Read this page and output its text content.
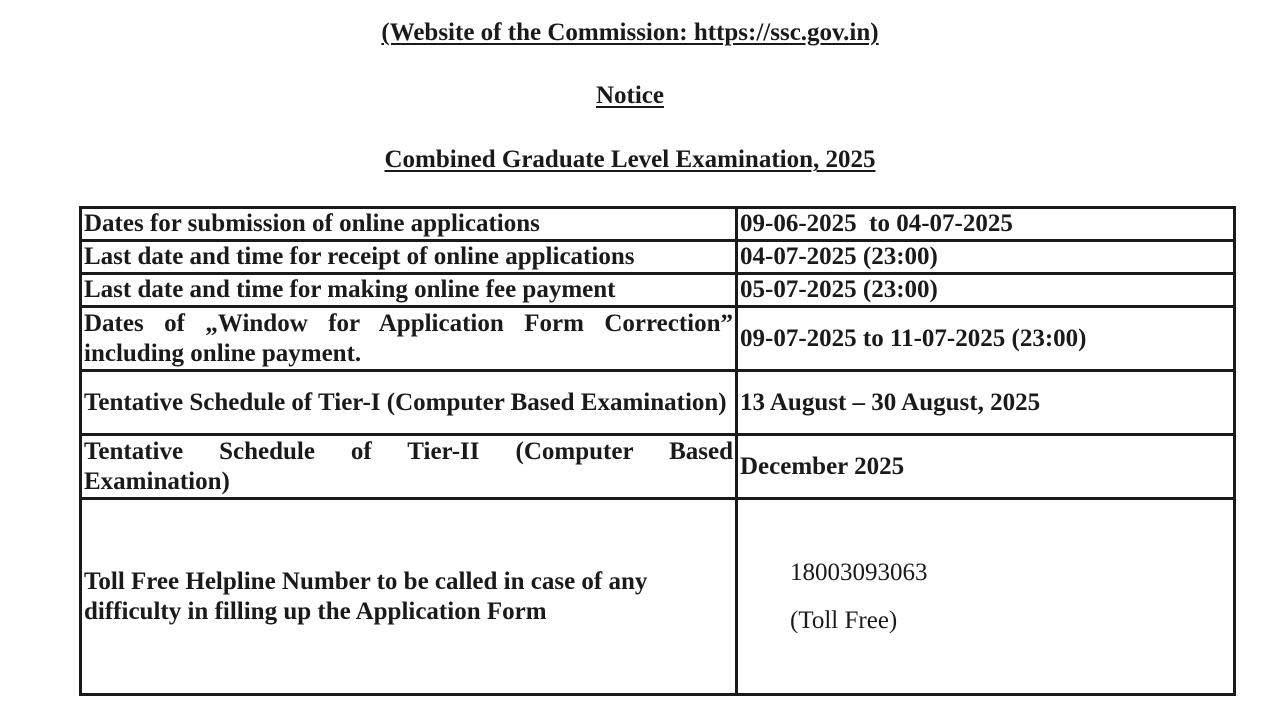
(Website of the Commission: https://ssc.gov.in)

Notice

Combined Graduate Level Examination, 2025

Dates for submission of online applications	09-06-2025  to 04-07-2025
Last date and time for receipt of online applications	04-07-2025 (23:00)
Last date and time for making online fee payment	05-07-2025 (23:00)
Dates of „Window for Application Form Correction” including online payment.	09-07-2025 to 11-07-2025 (23:00)
Tentative Schedule of Tier-I (Computer Based Examination)	13 August – 30 August, 2025
Tentative Schedule of Tier-II (Computer Based Examination)	December 2025
Toll Free Helpline Number to be called in case of any difficulty in filling up the Application Form	18003093063
(Toll Free)
